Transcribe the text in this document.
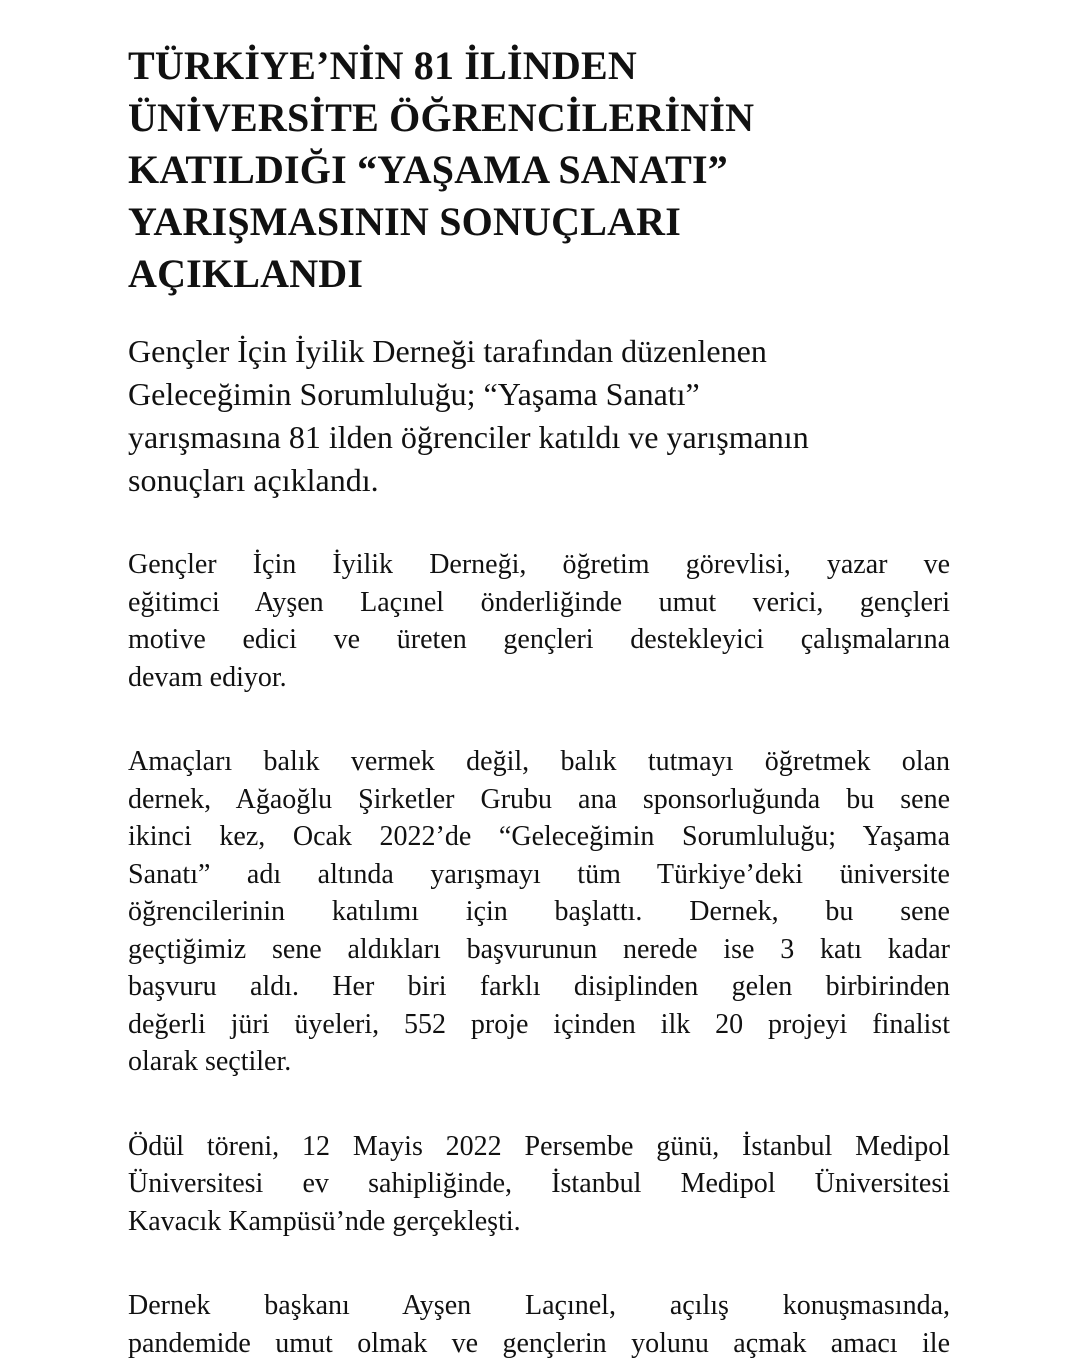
TÜRKİYE’NİN 81 İLİNDEN
ÜNİVERSİTE ÖĞRENCİLERİNİN
KATILDIĞI “YAŞAMA SANATI”
YARIŞMASININ SONUÇLARI
AÇIKLANDI

Gençler İçin İyilik Derneği tarafından düzenlenen
Geleceğimin Sorumluluğu; “Yaşama Sanatı”
yarışmasına 81 ilden öğrenciler katıldı ve yarışmanın
sonuçları açıklandı.

Gençler İçin İyilik Derneği, öğretim görevlisi, yazar ve
eğitimci Ayşen Laçınel önderliğinde umut verici, gençleri
motive edici ve üreten gençleri destekleyici çalışmalarına
devam ediyor.

Amaçları balık vermek değil, balık tutmayı öğretmek olan
dernek, Ağaoğlu Şirketler Grubu ana sponsorluğunda bu sene
ikinci kez, Ocak 2022’de “Geleceğimin Sorumluluğu; Yaşama
Sanatı” adı altında yarışmayı tüm Türkiye’deki üniversite
öğrencilerinin katılımı için başlattı. Dernek, bu sene
geçtiğimiz sene aldıkları başvurunun nerede ise 3 katı kadar
başvuru aldı. Her biri farklı disiplinden gelen birbirinden
değerli jüri üyeleri, 552 proje içinden ilk 20 projeyi finalist
olarak seçtiler.

Ödül töreni, 12 Mayis 2022 Persembe günü, İstanbul Medipol
Üniversitesi ev sahipliğinde, İstanbul Medipol Üniversitesi
Kavacık Kampüsü’nde gerçekleşti.

Dernek başkanı Ayşen Laçınel, açılış konuşmasında,
pandemide umut olmak ve gençlerin yolunu açmak amacı ile
